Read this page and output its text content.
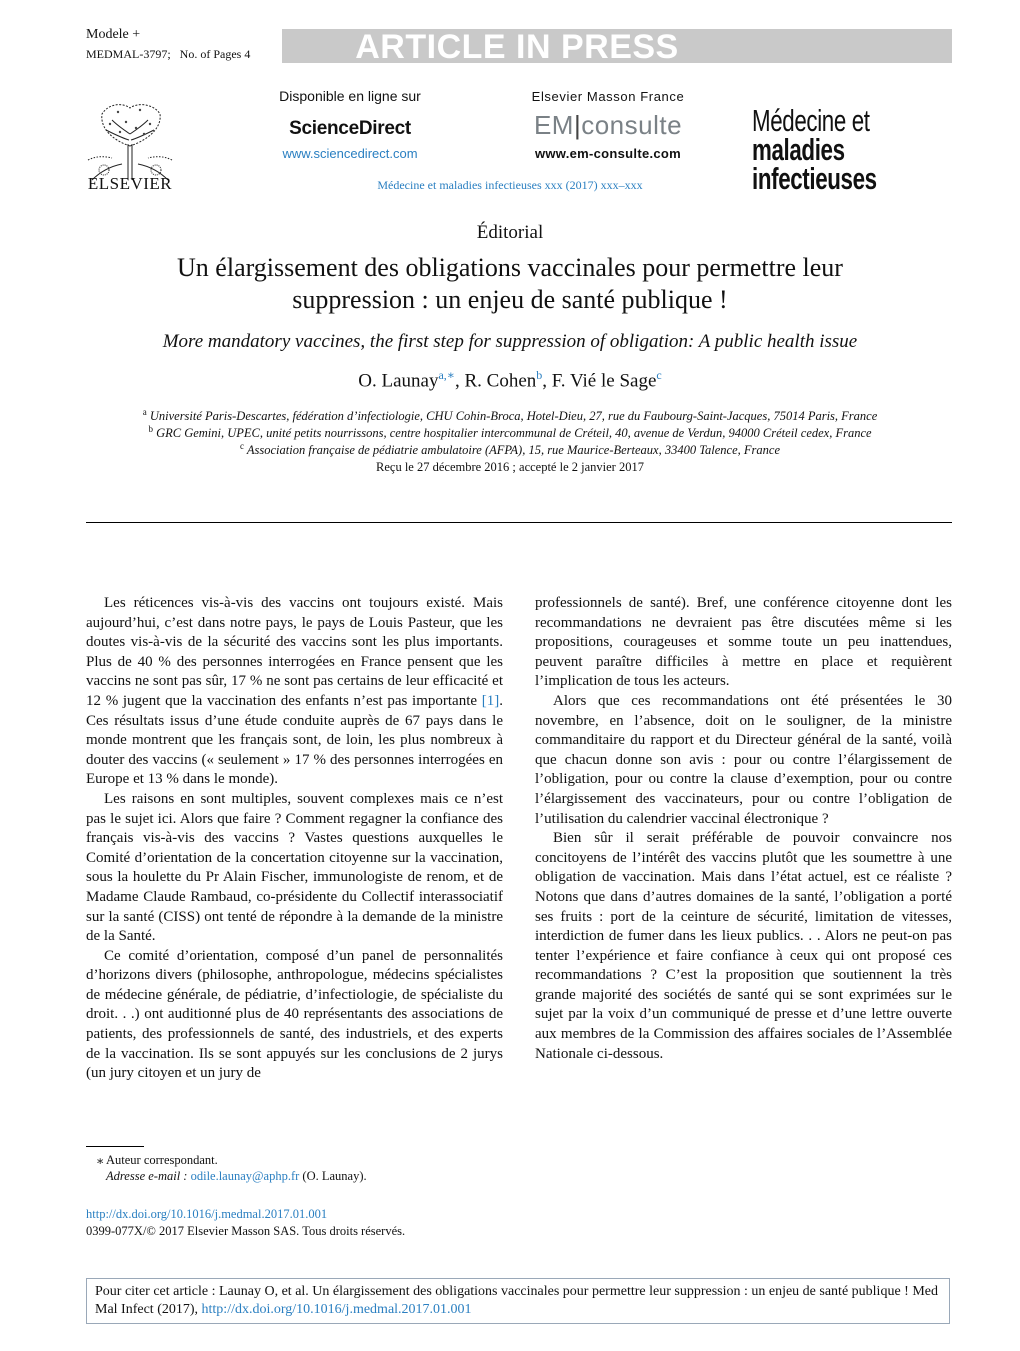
Modele +
MEDMAL-3797; No. of Pages 4	ARTICLE IN PRESS
ELSEVIER
Disponible en ligne sur
ScienceDirect
www.sciencedirect.com
Elsevier Masson France
EM|consulte
www.em-consulte.com
Médecine et
maladies infectieuses
Médecine et maladies infectieuses xxx (2017) xxx–xxx
Éditorial
Un élargissement des obligations vaccinales pour permettre leur suppression : un enjeu de santé publique !
More mandatory vaccines, the first step for suppression of obligation: A public health issue
O. Launay$^{a,∗}$, R. Cohen$^b$, F. Vié le Sage$^c$
$^a$ Université Paris-Descartes, fédération d’infectiologie, CHU Cohin-Broca, Hotel-Dieu, 27, rue du Faubourg-Saint-Jacques, 75014 Paris, France
$^b$ GRC Gemini, UPEC, unité petits nourrissons, centre hospitalier intercommunal de Créteil, 40, avenue de Verdun, 94000 Créteil cedex, France
$^c$ Association française de pédiatrie ambulatoire (AFPA), 15, rue Maurice-Berteaux, 33400 Talence, France
Reçu le 27 décembre 2016 ; accepté le 2 janvier 2017

Les réticences vis-à-vis des vaccins ont toujours existé. Mais aujourd’hui, c’est dans notre pays, le pays de Louis Pasteur, que les doutes vis-à-vis de la sécurité des vaccins sont les plus importants. Plus de 40 % des personnes interrogées en France pensent que les vaccins ne sont pas sûr, 17 % ne sont pas certains de leur efficacité et 12 % jugent que la vaccination des enfants n’est pas importante [1]. Ces résultats issus d’une étude conduite auprès de 67 pays dans le monde montrent que les français sont, de loin, les plus nombreux à douter des vaccins (« seulement » 17 % des personnes interrogées en Europe et 13 % dans le monde).

Les raisons en sont multiples, souvent complexes mais ce n’est pas le sujet ici. Alors que faire ? Comment regagner la confiance des français vis-à-vis des vaccins ? Vastes questions auxquelles le Comité d’orientation de la concertation citoyenne sur la vaccination, sous la houlette du Pr Alain Fischer, immunologiste de renom, et de Madame Claude Rambaud, co-présidente du Collectif interassociatif sur la santé (CISS) ont tenté de répondre à la demande de la ministre de la Santé.

Ce comité d’orientation, composé d’un panel de personnalités d’horizons divers (philosophe, anthropologue, médecins spécialistes de médecine générale, de pédiatrie, d’infectiologie, de spécialiste du droit. . .) ont auditionné plus de 40 représentants des associations de patients, des professionnels de santé, des industriels, et des experts de la vaccination. Ils se sont appuyés sur les conclusions de 2 jurys (un jury citoyen et un jury de

professionnels de santé). Bref, une conférence citoyenne dont les recommandations ne devraient pas être discutées même si les propositions, courageuses et somme toute un peu inattendues, peuvent paraître difficiles à mettre en place et requièrent l’implication de tous les acteurs.

Alors que ces recommandations ont été présentées le 30 novembre, en l’absence, doit on le souligner, de la ministre commanditaire du rapport et du Directeur général de la santé, voilà que chacun donne son avis : pour ou contre l’élargissement de l’obligation, pour ou contre la clause d’exemption, pour ou contre l’élargissement des vaccinateurs, pour ou contre l’obligation de l’utilisation du calendrier vaccinal électronique ?

Bien sûr il serait préférable de pouvoir convaincre nos concitoyens de l’intérêt des vaccins plutôt que les soumettre à une obligation de vaccination. Mais dans l’état actuel, est ce réaliste ? Notons que dans d’autres domaines de la santé, l’obligation a porté ses fruits : port de la ceinture de sécurité, limitation de vitesses, interdiction de fumer dans les lieux publics. . . Alors ne peut-on pas tenter l’expérience et faire confiance à ceux qui ont proposé ces recommandations ? C’est la proposition que soutiennent la très grande majorité des sociétés de santé qui se sont exprimées sur le sujet par la voix d’un communiqué de presse et d’une lettre ouverte aux membres de la Commission des affaires sociales de l’Assemblée Nationale ci-dessous.

∗ Auteur correspondant.
Adresse e-mail : odile.launay@aphp.fr (O. Launay).
http://dx.doi.org/10.1016/j.medmal.2017.01.001
0399-077X/© 2017 Elsevier Masson SAS. Tous droits réservés.
Pour citer cet article : Launay O, et al. Un élargissement des obligations vaccinales pour permettre leur suppression : un enjeu de santé publique ! Med Mal Infect (2017), http://dx.doi.org/10.1016/j.medmal.2017.01.001
